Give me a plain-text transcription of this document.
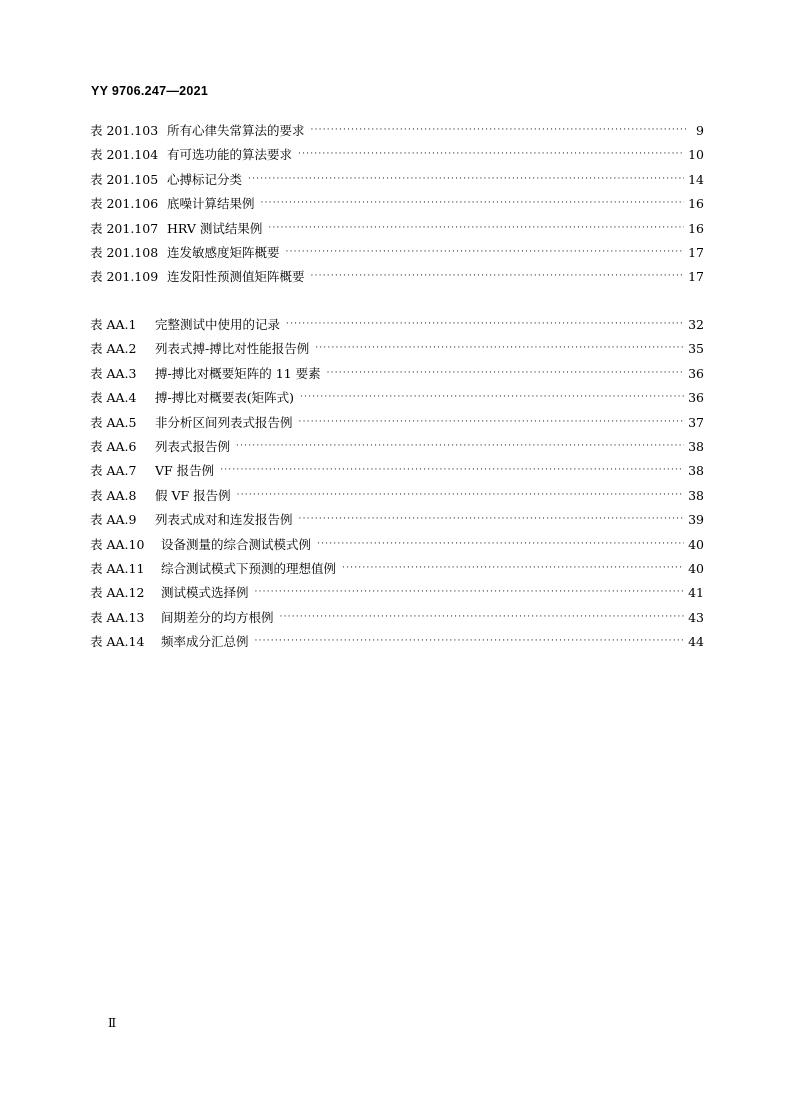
YY 9706.247—2021
表 201.103 所有心律失常算法的要求 ·····	9
表 201.104 有可选功能的算法要求 ·····	10
表 201.105 心搏标记分类 ·····	14
表 201.106 底噪计算结果例 ·····	16
表 201.107 HRV 测试结果例 ·····	16
表 201.108 连发敏感度矩阵概要 ·····	17
表 201.109 连发阳性预测值矩阵概要 ·····	17
表 AA.1	完整测试中使用的记录 ·····	32
表 AA.2	列表式搏-搏比对性能报告例 ·····	35
表 AA.3	搏-搏比对概要矩阵的 11 要素 ·····	36
表 AA.4	搏-搏比对概要表(矩阵式) ·····	36
表 AA.5	非分析区间列表式报告例 ·····	37
表 AA.6	列表式报告例 ·····	38
表 AA.7	VF 报告例 ·····	38
表 AA.8	假 VF 报告例 ·····	38
表 AA.9	列表式成对和连发报告例 ·····	39
表 AA.10	设备测量的综合测试模式例 ·····	40
表 AA.11	综合测试模式下预测的理想值例 ·····	40
表 AA.12	测试模式选择例 ·····	41
表 AA.13	间期差分的均方根例 ·····	43
表 AA.14	频率成分汇总例 ·····	44
Ⅱ
